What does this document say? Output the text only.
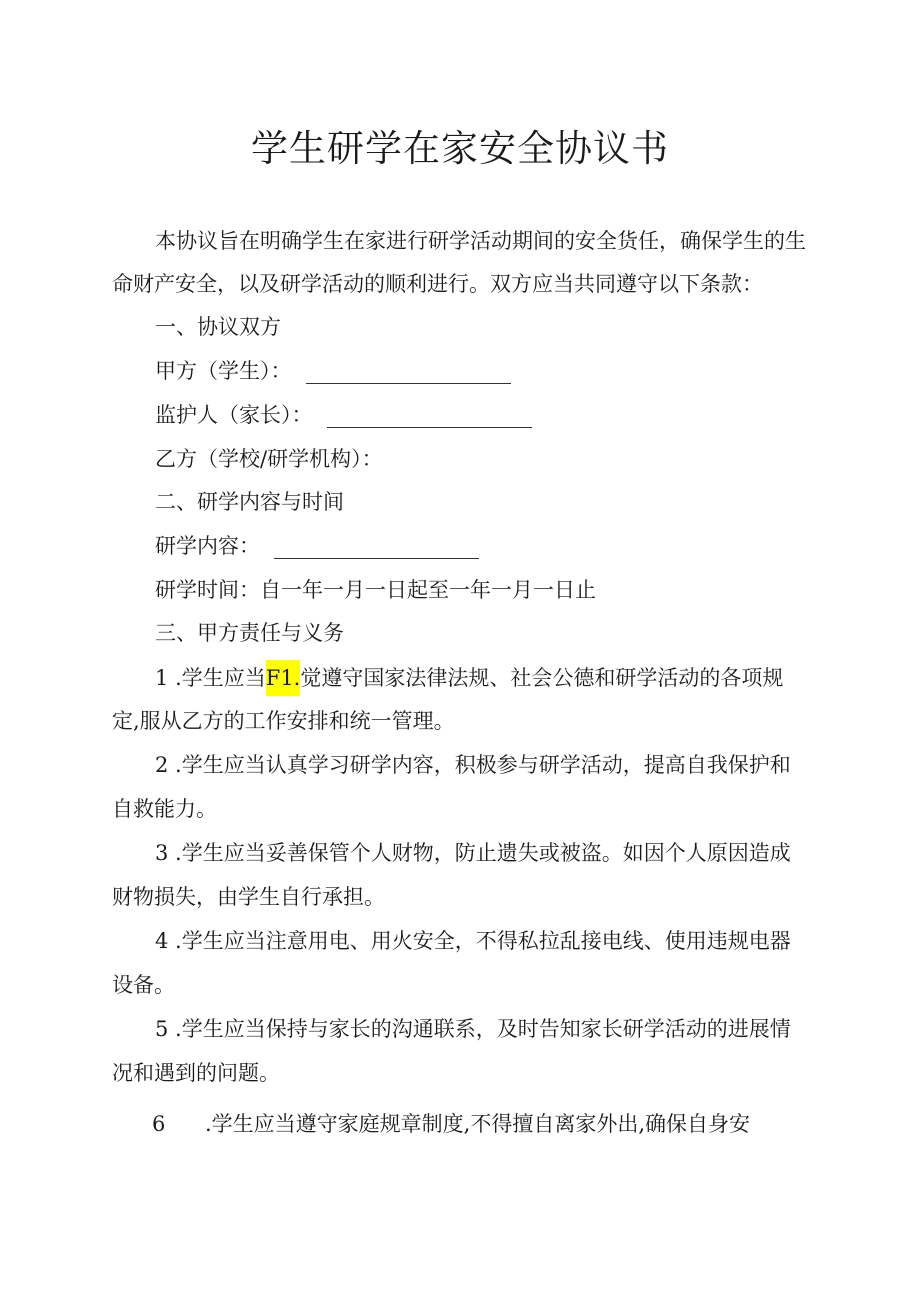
学生研学在家安全协议书
本协议旨在明确学生在家进行研学活动期间的安全货任，确保学生的生
命财产安全，以及研学活动的顺利进行。双方应当共同遵守以下条款：
一、协议双方
甲方（学生）：
监护人（家长）：
乙方（学校/研学机构）：
二、研学内容与时间
研学内容：
研学时间：自一年一月一日起至一年一月一日止
三、甲方责任与义务
1 .学生应当F1.觉遵守国家法律法规、社会公德和研学活动的各项规
定,服从乙方的工作安排和统一管理。
2 .学生应当认真学习研学内容，积极参与研学活动，提高自我保护和
自救能力。
3 .学生应当妥善保管个人财物，防止遗失或被盗。如因个人原因造成
财物损失，由学生自行承担。
4 .学生应当注意用电、用火安全，不得私拉乱接电线、使用违规电器
设备。
5 .学生应当保持与家长的沟通联系，及时告知家长研学活动的进展情
况和遇到的问题。
6 .学生应当遵守家庭规章制度,不得擅自离家外出,确保自身安
